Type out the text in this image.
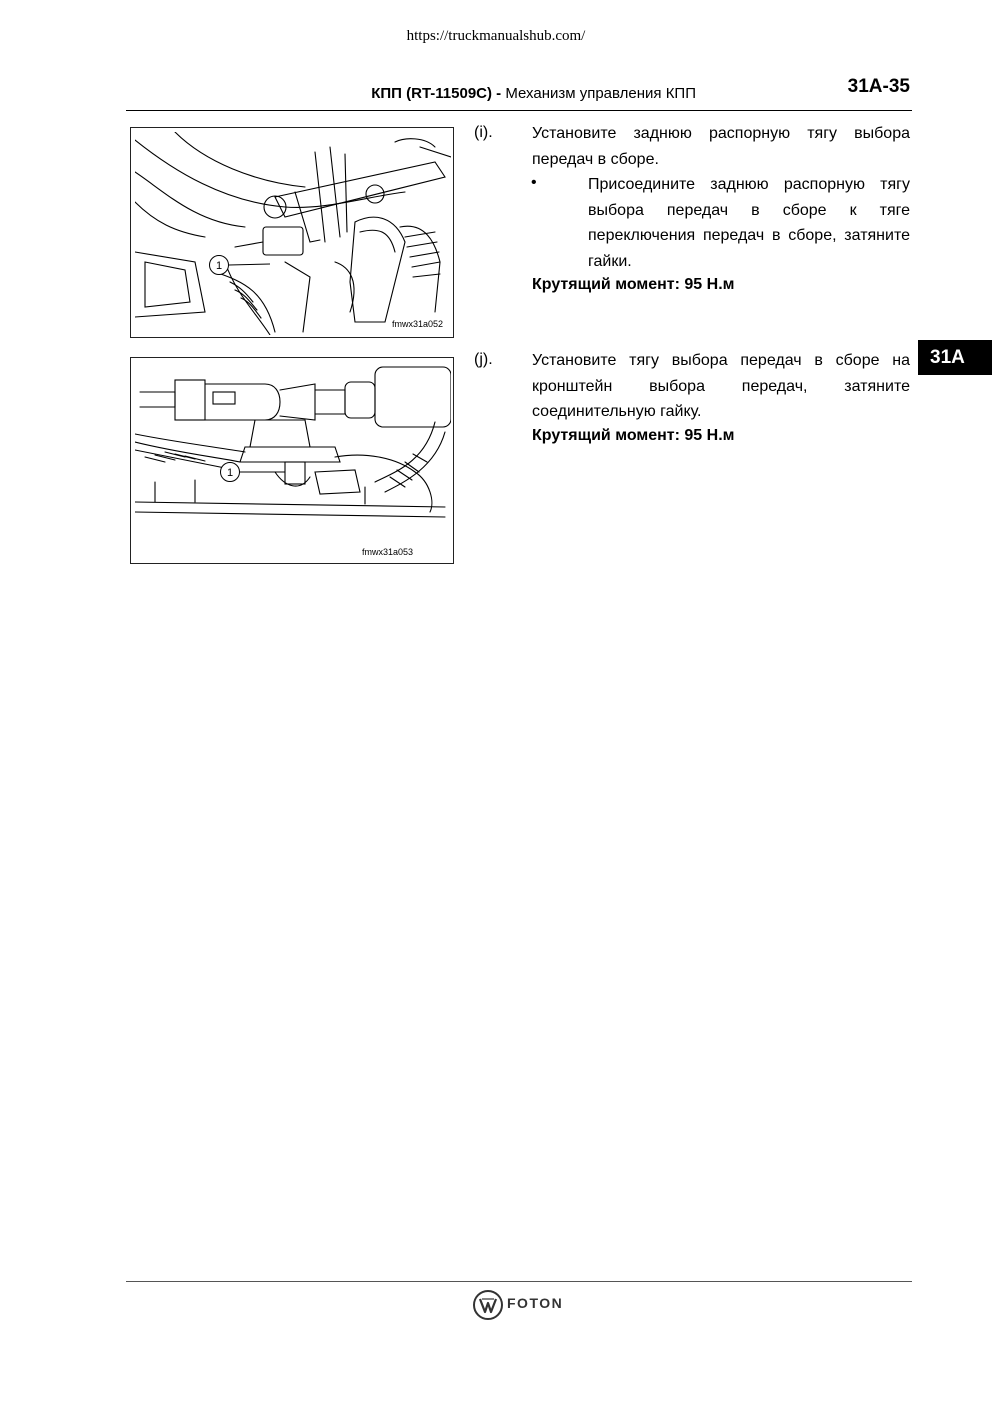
https://truckmanualshub.com/
КПП (RT-11509C) - Механизм управления КПП	31A-35
1
fmwx31a052
1
fmwx31a053
(i). Установите заднюю распорную тягу выбора передач в сборе.
•	Присоедините заднюю распорную тягу выбора передач в сборе к тяге переключения передач в сборе, затяните гайки.
Крутящий момент: 95 Н.м
(j). Установите тягу выбора передач в сборе на кронштейн выбора передач, затяните соединительную гайку.
Крутящий момент: 95 Н.м
31A
FOTON
